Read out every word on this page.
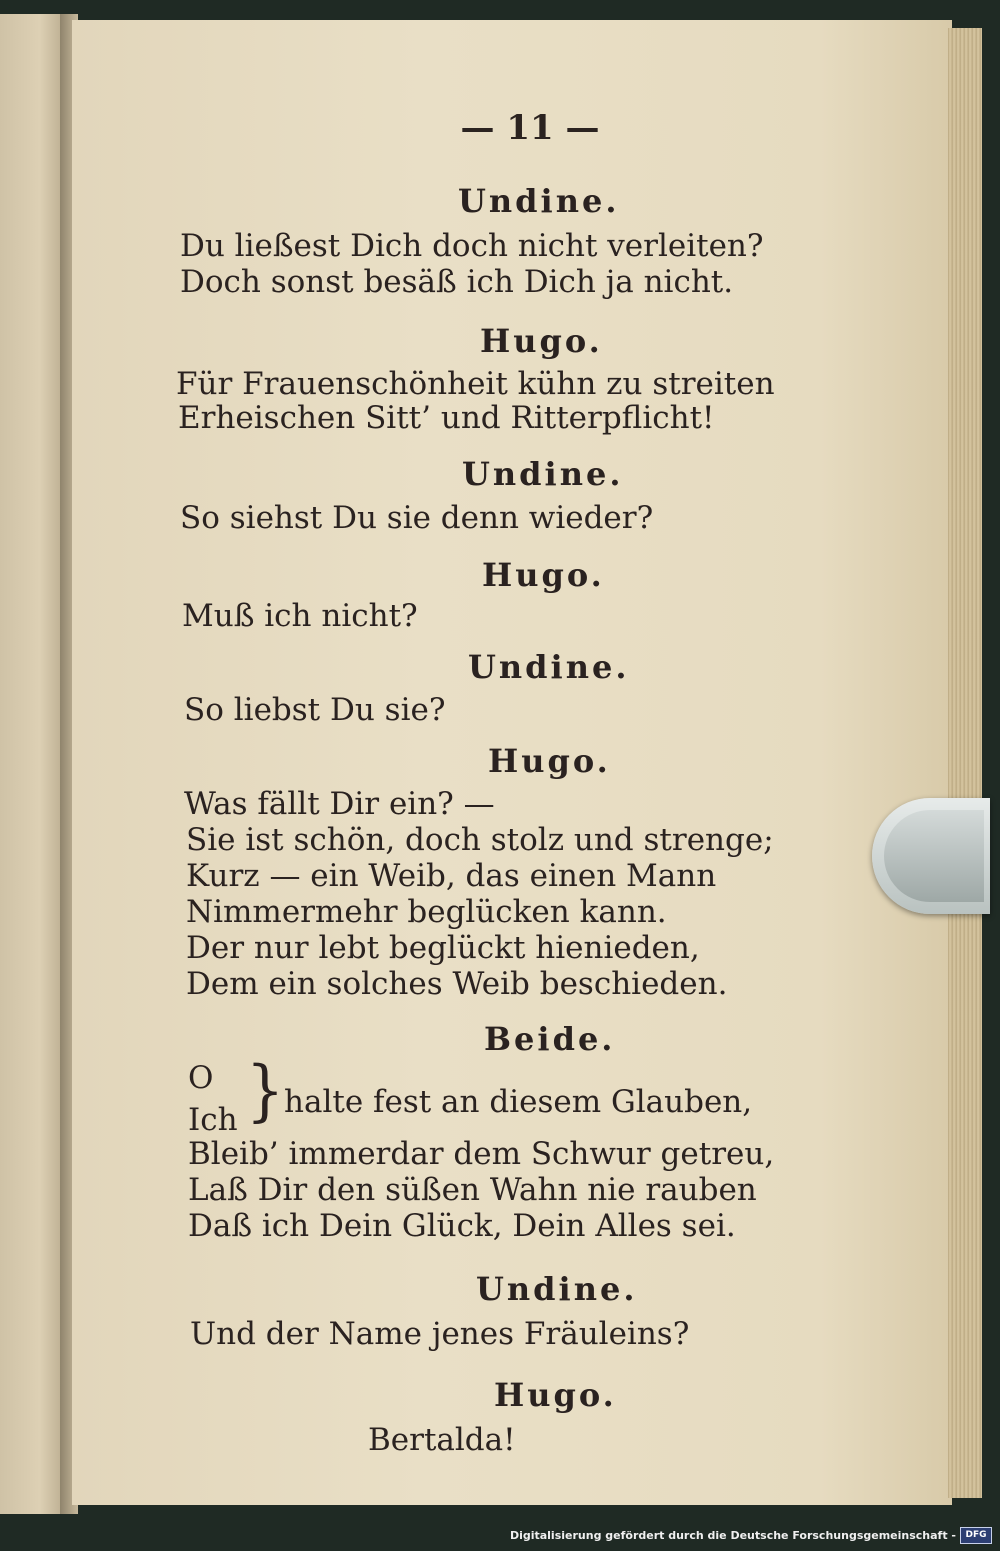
— 11 —
Undine.
Du ließest Dich doch nicht verleiten?
Doch sonst besäß ich Dich ja nicht.
Hugo.
Für Frauenschönheit kühn zu streiten
Erheischen Sitt’ und Ritterpflicht!
Undine.
So siehst Du sie denn wieder?
Hugo.
Muß ich nicht?
Undine.
So liebst Du sie?
Hugo.
Was fällt Dir ein? —
Sie ist schön, doch stolz und strenge;
Kurz — ein Weib, das einen Mann
Nimmermehr beglücken kann.
Der nur lebt beglückt hienieden,
Dem ein solches Weib beschieden.
Beide.
O
Ich } halte fest an diesem Glauben,
Bleib’ immerdar dem Schwur getreu,
Laß Dir den süßen Wahn nie rauben
Daß ich Dein Glück, Dein Alles sei.
Undine.
Und der Name jenes Fräuleins?
Hugo.
Bertalda!
Digitalisierung gefördert durch die Deutsche Forschungsgemeinschaft -	DFG
